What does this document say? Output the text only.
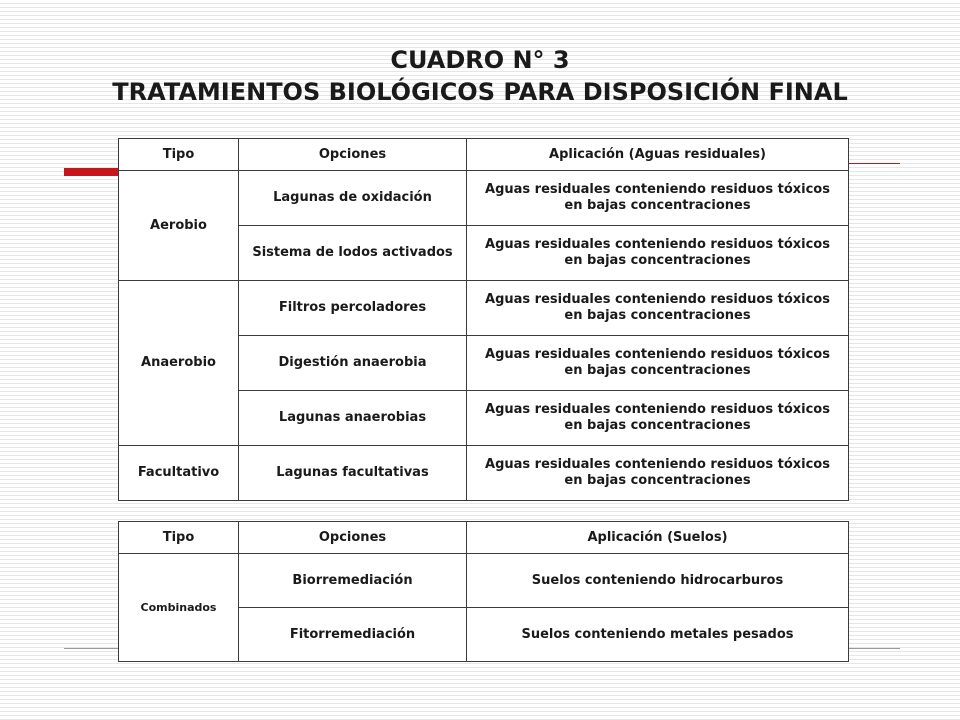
CUADRO N° 3
TRATAMIENTOS BIOLÓGICOS PARA DISPOSICIÓN FINAL
Tipo	Opciones	Aplicación (Aguas residuales)
Aerobio	Lagunas de oxidación	Aguas residuales conteniendo residuos tóxicos en bajas concentraciones
	Sistema de lodos activados	Aguas residuales conteniendo residuos tóxicos en bajas concentraciones
Anaerobio	Filtros percoladores	Aguas residuales conteniendo residuos tóxicos en bajas concentraciones
	Digestión anaerobia	Aguas residuales conteniendo residuos tóxicos en bajas concentraciones
	Lagunas anaerobias	Aguas residuales conteniendo residuos tóxicos en bajas concentraciones
Facultativo	Lagunas facultativas	Aguas residuales conteniendo residuos tóxicos en bajas concentraciones
Tipo	Opciones	Aplicación (Suelos)
Combinados	Biorremediación	Suelos conteniendo hidrocarburos
	Fitorremediación	Suelos conteniendo metales pesados
